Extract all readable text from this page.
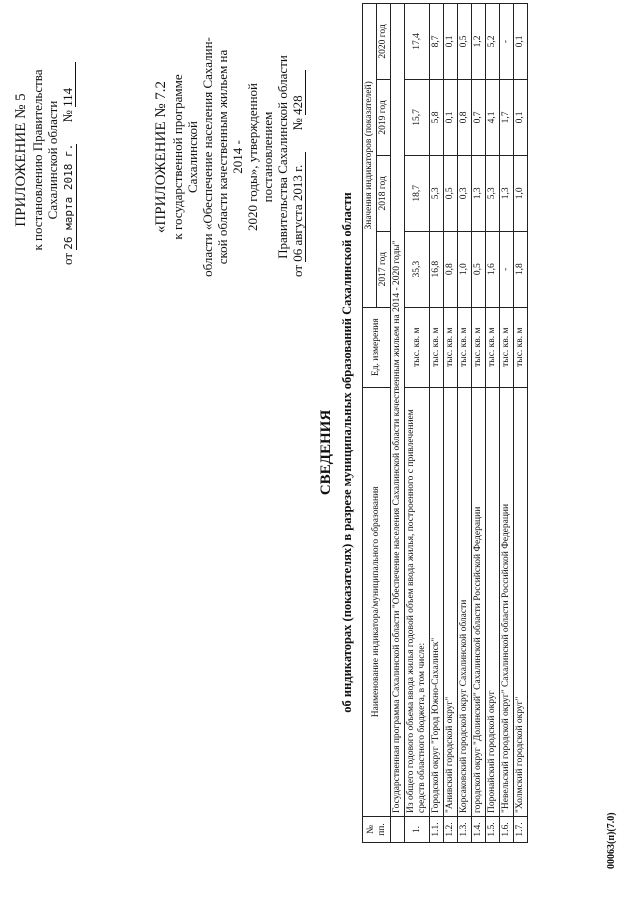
ПРИЛОЖЕНИЕ № 5 к постановлению Правительства Сахалинской области
от 26 марта 2018 г. № 114	«ПРИЛОЖЕНИЕ № 7.2 к государственной программе Сахалинской области «Обеспечение населения Сахалин- ской области качественным жильем на 2014 - 2020 годы», утвержденной постановлением Правительства Сахалинской области
от 06 августа 2013 г. № 428
СВЕДЕНИЯ об индикаторах (показателях) в разрезе муниципальных образований Сахалинской области
№ пп.	Наименование индикатора/муниципального образования	Ед. измерения	Значения индикаторов (показателей)			
			2017 год	2018 год	2019 год	2020 год
	Государственная программа Сахалинской области "Обеспечение населения Сахалинской области качественным жильем на 2014 - 2020 годы"					
1.	Из общего годового объема ввода жилья годовой объем ввода жилья, построенного с привлечением средств областного бюджета, в том числе:	тыс. кв. м	35,3	18,7	15,7	17,4
1.1.	Городской округ "Город Южно-Сахалинск"	тыс. кв. м	16,8	5,3	5,8	8,7
1.2.	"Анивский городской округ"	тыс. кв. м	0,8	0,5	0,1	0,1
1.3.	Корсаковский городской округ Сахалинской области	тыс. кв. м	1,0	0,3	0,8	0,5
1.4.	городской округ "Долинский" Сахалинской области Российской Федерации	тыс. кв. м	0,5	1,3	0,7	1,2
1.5.	Поронайский городской округ	тыс. кв. м	1,6	5,3	4,1	5,2
1.6.	"Невельский городской округ" Сахалинской области Российской Федерации	тыс. кв. м	-	1,3	1,7	-
1.7.	"Холмский городской округ"	тыс. кв. м	1,8	1,0	0,1	0,1
00063(п)(7.0)
